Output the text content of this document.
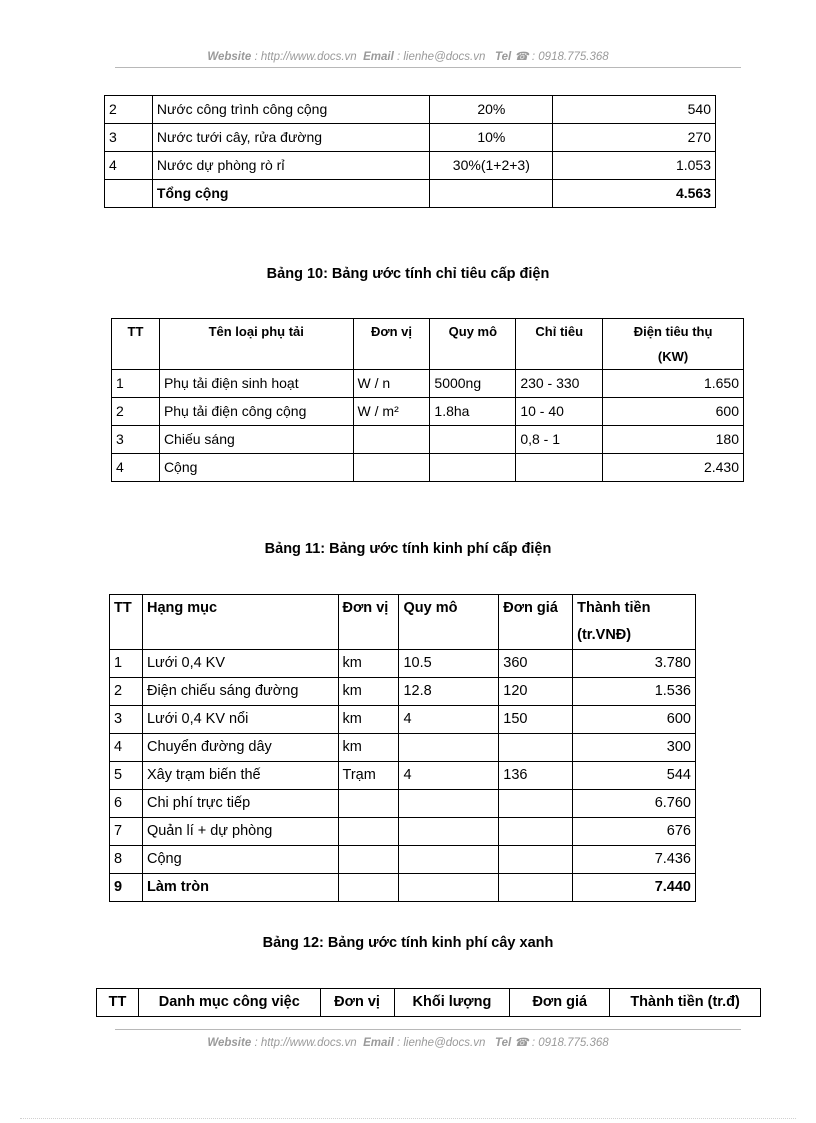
Website : http://www.docs.vn Email : lienhe@docs.vn Tel ☎ : 0918.775.368
2	Nước công trình công cộng	20%	540
3	Nước tưới cây, rửa đường	10%	270
4	Nước dự phòng rò rỉ	30%(1+2+3)	1.053
	Tổng cộng		4.563
Bảng 10: Bảng ước tính chỉ tiêu cấp điện
TT	Tên loại phụ tải	Đơn vị	Quy mô	Chỉ tiêu	Điện tiêu thụ (KW)
1	Phụ tải điện sinh hoạt	W / n	5000ng	230 - 330	1.650
2	Phụ tải điện công cộng	W / m²	1.8ha	10 - 40	600
3	Chiếu sáng			0,8 - 1	180
4	Cộng				2.430
Bảng 11: Bảng ước tính kinh phí cấp điện
TT	Hạng mục	Đơn vị	Quy mô	Đơn giá	Thành tiền (tr.VNĐ)
1	Lưới 0,4 KV	km	10.5	360	3.780
2	Điện chiếu sáng đường	km	12.8	120	1.536
3	Lưới 0,4 KV nổi	km	4	150	600
4	Chuyển đường dây	km			300
5	Xây trạm biến thế	Trạm	4	136	544
6	Chi phí trực tiếp				6.760
7	Quản lí + dự phòng				676
8	Cộng				7.436
9	Làm tròn				7.440
Bảng 12: Bảng ước tính kinh phí cây xanh
TT	Danh mục công việc	Đơn vị	Khối lượng	Đơn giá	Thành tiền (tr.đ)
Website : http://www.docs.vn Email : lienhe@docs.vn Tel ☎ : 0918.775.368
